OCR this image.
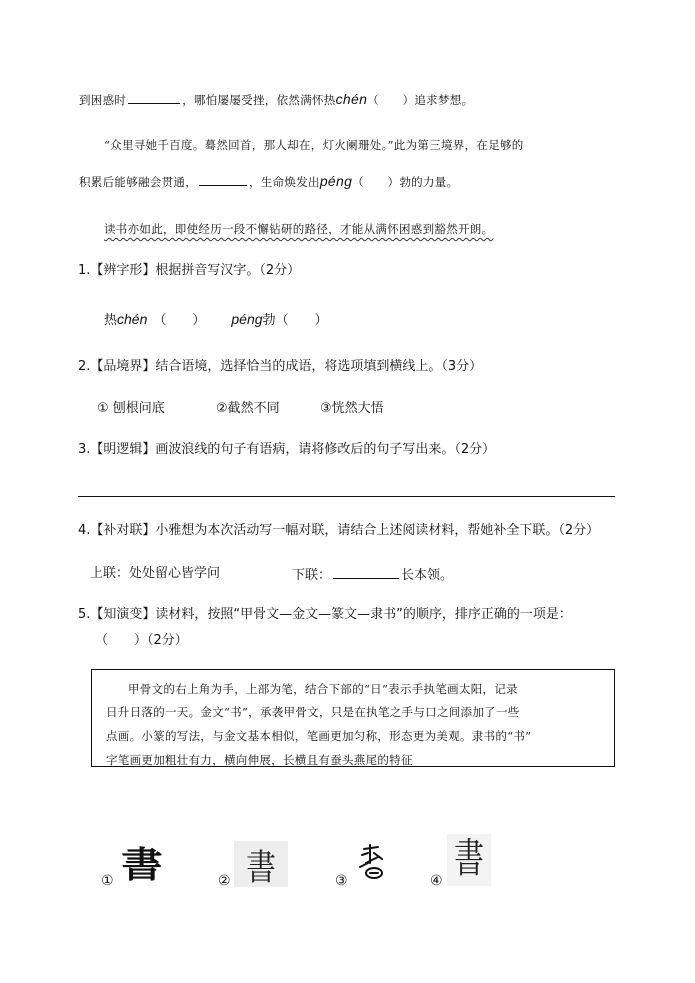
到困惑时	，哪怕屡屡受挫，依然满怀热chén（　　）追求梦想。
“众里寻她千百度。蓦然回首，那人却在，灯火阑珊处。”此为第三境界，在足够的
积累后能够融会贯通，	，生命焕发出péng（　　）勃的力量。
读书亦如此，即使经历一段不懈钻研的路径，才能从满怀困惑到豁然开朗。
1.【辨字形】根据拼音写汉字。（2分）
热chén （　　） péng勃（　　）
2.【品境界】结合语境，选择恰当的成语，将选项填到横线上。（3分）
① 刨根问底	②截然不同	③恍然大悟
3.【明逻辑】画波浪线的句子有语病，请将修改后的句子写出来。（2分）
4.【补对联】小雅想为本次活动写一幅对联，请结合上述阅读材料，帮她补全下联。（2分）
上联：处处留心皆学问	下联：	长本领。
5.【知演变】读材料，按照“甲骨文—金文—篆文—隶书”的顺序，排序正确的一项是：
（　　）（2分）
甲骨文的右上角为手，上部为笔，结合下部的“日”表示手执笔画太阳，记录
日升日落的一天。金文“书”，承袭甲骨文，只是在执笔之手与口之间添加了一些
点画。小篆的写法，与金文基本相似，笔画更加匀称，形态更为美观。隶书的“书”
字笔画更加粗壮有力，横向伸展，长横且有蚕头燕尾的特征
① 書	② 書	③	④ 書
